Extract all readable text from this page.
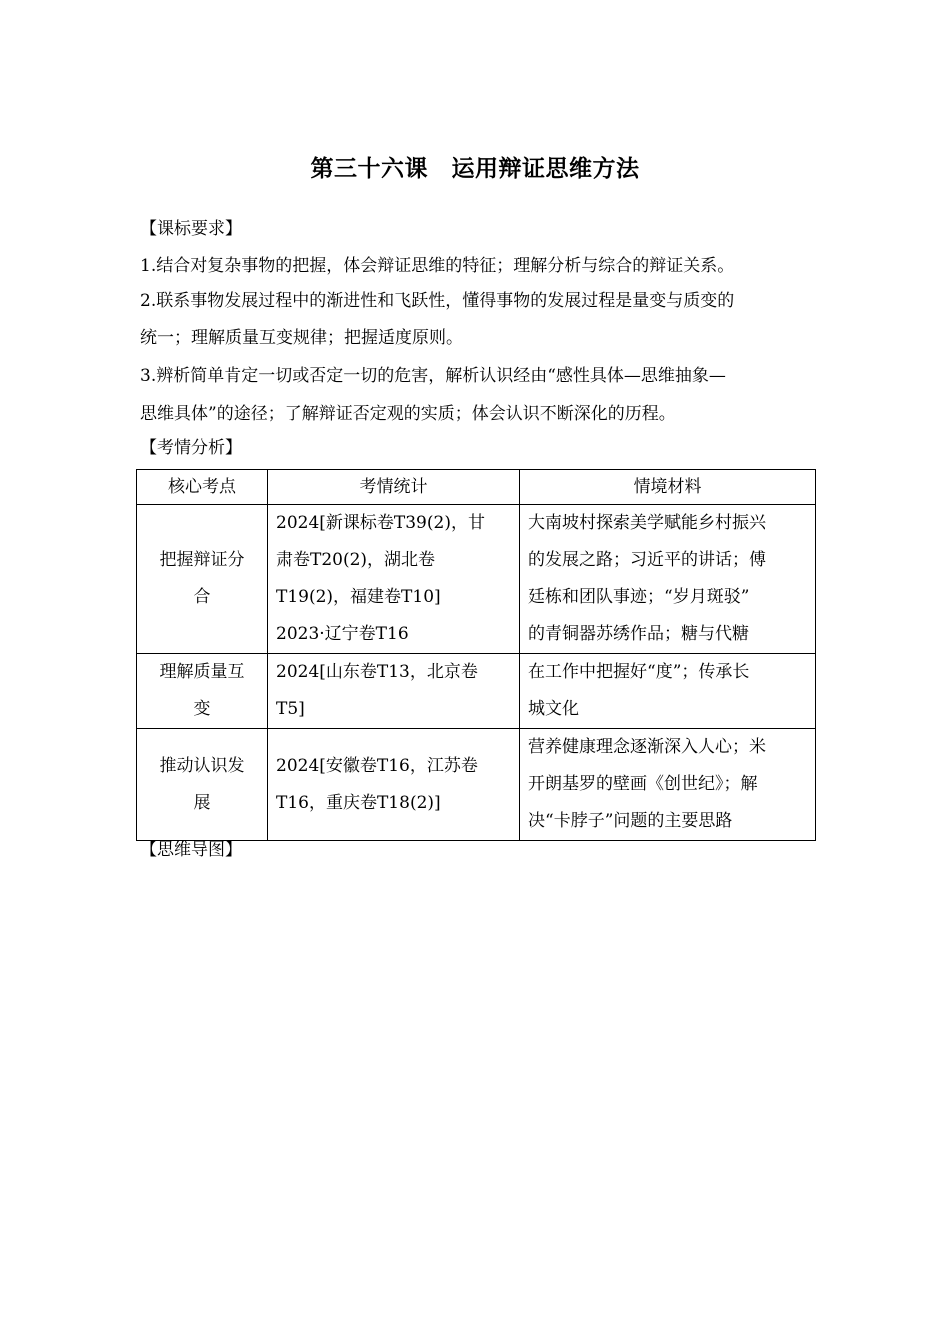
第三十六课　运用辩证思维方法
【课标要求】
1.结合对复杂事物的把握，体会辩证思维的特征；理解分析与综合的辩证关系。
2.联系事物发展过程中的渐进性和飞跃性，懂得事物的发展过程是量变与质变的
统一；理解质量互变规律；把握适度原则。
3.辨析简单肯定一切或否定一切的危害，解析认识经由“感性具体—思维抽象—
思维具体”的途径；了解辩证否定观的实质；体会认识不断深化的历程。
【考情分析】
核心考点	考情统计	情境材料

把握辩证分
合	2024[新课标卷T39(2)，甘
肃卷T20(2)，湖北卷
T19(2)，福建卷T10]
2023·辽宁卷T16	大南坡村探索美学赋能乡村振兴
的发展之路；习近平的讲话；傅
廷栋和团队事迹；“岁月斑驳”
的青铜器苏绣作品；糖与代糖

理解质量互
变	2024[山东卷T13，北京卷
T5]	在工作中把握好“度”；传承长
城文化

推动认识发
展	2024[安徽卷T16，江苏卷
T16，重庆卷T18(2)]	营养健康理念逐渐深入人心；米
开朗基罗的壁画《创世纪》；解
决“卡脖子”问题的主要思路
【思维导图】
